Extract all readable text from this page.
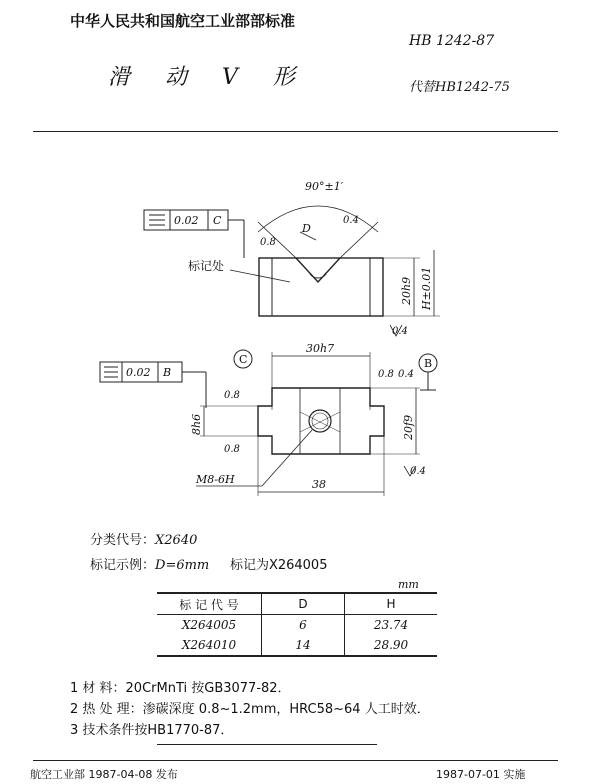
中华人民共和国航空工业部部标准
HB 1242-87
滑 动 V 形	代替HB1242-75
0.02 C
90°±1′
D
0.8
0.4
标记处
20h9 H±0.01
0.4
0.02 B
C	B
30h7
0.8
0.8 0.4
0.8
0.4
8h6	20f9
M8-6H	38
分类代号：X2640
标记示例：D=6mm 标记为X264005
mm
标 记 代 号	D	H
X264005	6	23.74
X264010	14	28.90
1 材 料：20CrMnTi 按GB3077-82．
2 热 处 理：渗碳深度 0.8~1.2mm，HRC58~64 人工时效．
3 技术条件按HB1770-87．
航空工业部 1987-04-08 发布	1987-07-01 实施
